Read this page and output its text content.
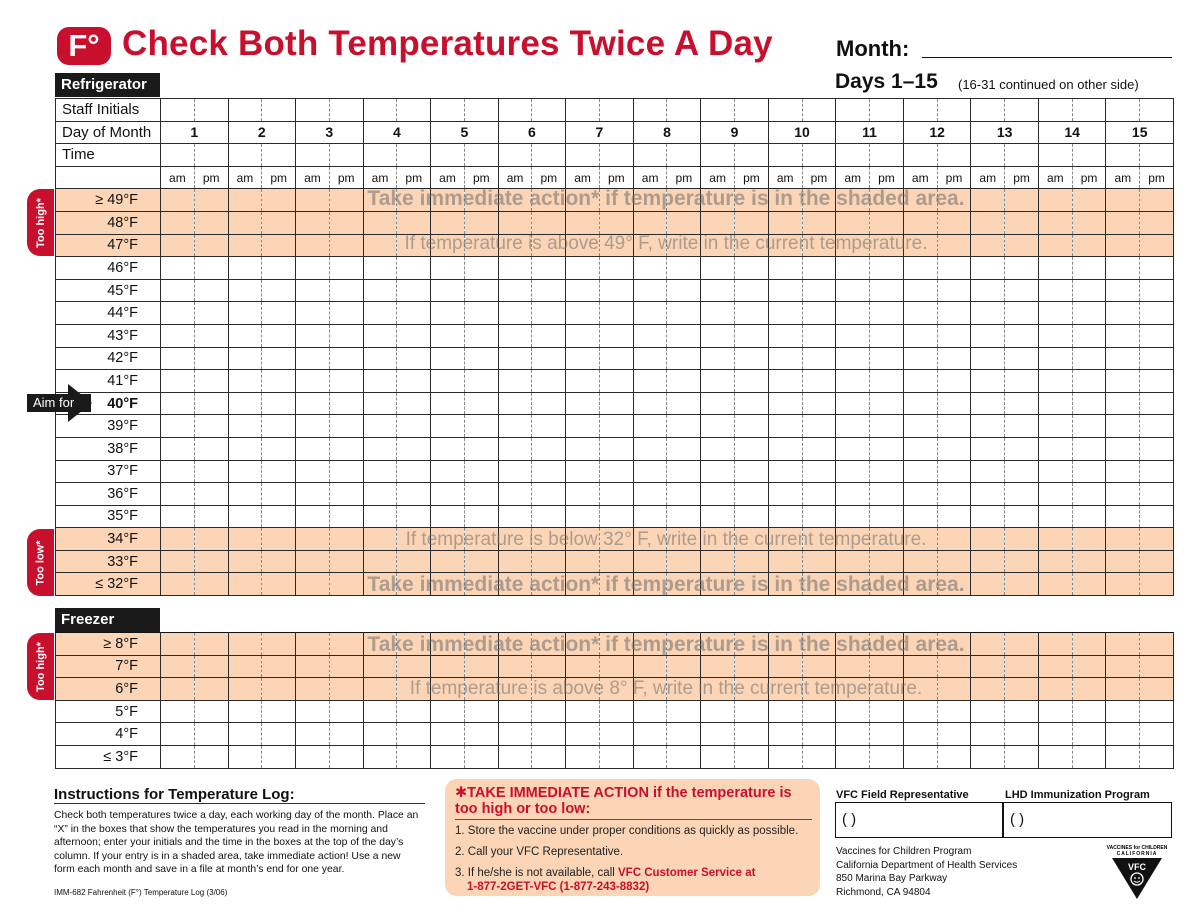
F° Check Both Temperatures Twice A Day	Month:
Days 1–15 (16-31 continued on other side)
Refrigerator
Staff Initials																														
Day of Month	1		2		3		4		5		6		7		8		9		10		11		12		13		14		15	
Time																														
	am	pm	am	pm	am	pm	am	pm	am	pm	am	pm	am	pm	am	pm	am	pm	am	pm	am	pm	am	pm	am	pm	am	pm	am	pm
≥ 49°F																														
48°F																														
47°F																														
46°F																														
45°F																														
44°F																														
43°F																														
42°F																														
41°F																														
40°F																														
39°F																														
38°F																														
37°F																														
36°F																														
35°F																														
34°F																														
33°F																														
≤ 32°F																														
Too high*
Too low*
Aim for
Take immediate action* if temperature is in the shaded area.
If temperature is above 49° F, write in the current temperature.
If temperature is below 32° F, write in the current temperature.
Take immediate action* if temperature is in the shaded area.
Freezer
≥ 8°F																														
7°F																														
6°F																														
5°F																														
4°F																														
≤ 3°F																														
Too high*	Take immediate action* if temperature is in the shaded area.
If temperature is above 8° F, write in the current temperature.
Instructions for Temperature Log:
Check both temperatures twice a day, each working day of the month. Place an “X” in the boxes that show the temperatures you read in the morning and afternoon; enter your initials and the time in the boxes at the top of the day’s column. If your entry is in a shaded area, take immediate action! Use a new form each month and save in a file at month’s end for one year.
IMM-682 Fahrenheit (F°) Temperature Log (3/06)
✱TAKE IMMEDIATE ACTION if the temperature is too high or too low:
1. Store the vaccine under proper conditions as quickly as possible.
2. Call your VFC Representative.
3. If he/she is not available, call VFC Customer Service at
1-877-2GET-VFC (1-877-243-8832)
VFC Field Representative	LHD Immunization Program
( )	( )
Vaccines for Children Program
California Department of Health Services
850 Marina Bay Parkway
Richmond, CA 94804
VACCINES for CHILDREN
CALIFORNIA
VFC
